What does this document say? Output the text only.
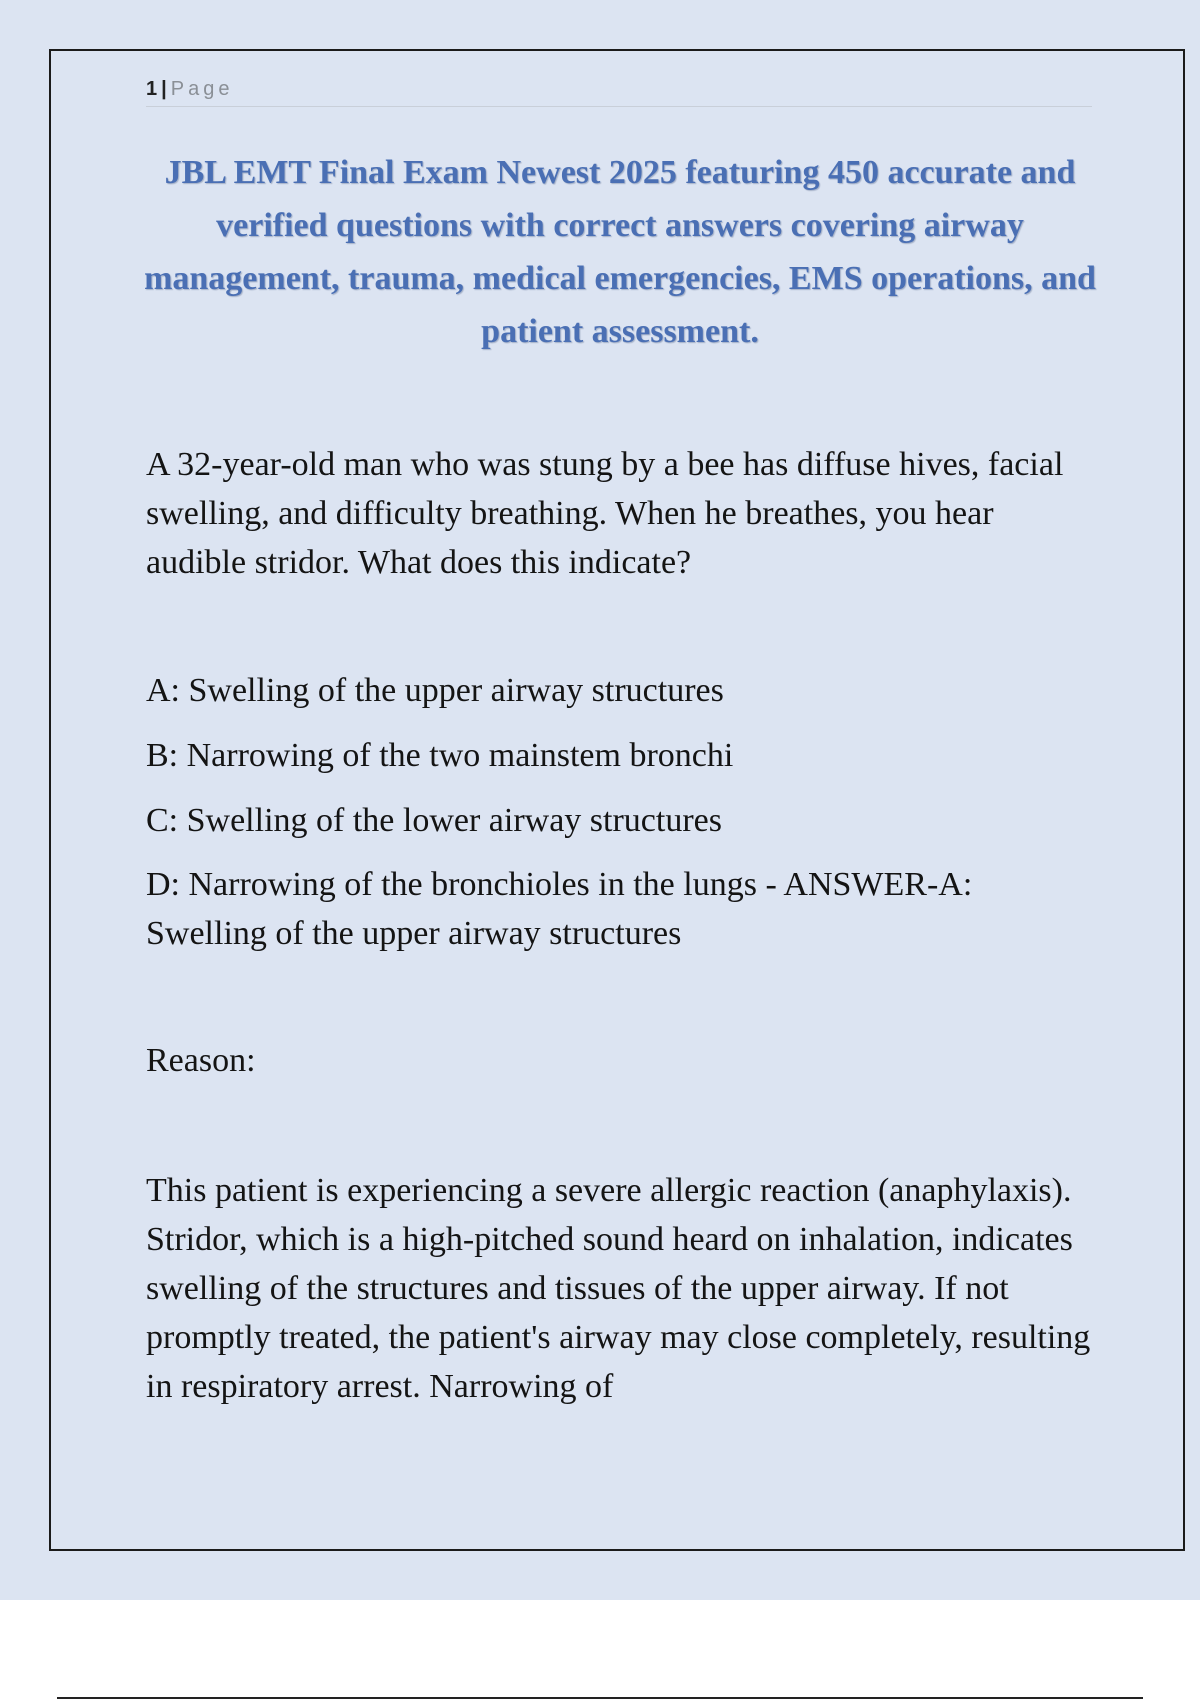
1 | Page
JBL EMT Final Exam Newest 2025 featuring 450 accurate and verified questions with correct answers covering airway management, trauma, medical emergencies, EMS operations, and patient assessment.
A 32-year-old man who was stung by a bee has diffuse hives, facial swelling, and difficulty breathing. When he breathes, you hear audible stridor. What does this indicate?
A: Swelling of the upper airway structures
B: Narrowing of the two mainstem bronchi
C: Swelling of the lower airway structures
D: Narrowing of the bronchioles in the lungs - ANSWER-A: Swelling of the upper airway structures
Reason:
This patient is experiencing a severe allergic reaction (anaphylaxis). Stridor, which is a high-pitched sound heard on inhalation, indicates swelling of the structures and tissues of the upper airway. If not promptly treated, the patient's airway may close completely, resulting in respiratory arrest. Narrowing of
